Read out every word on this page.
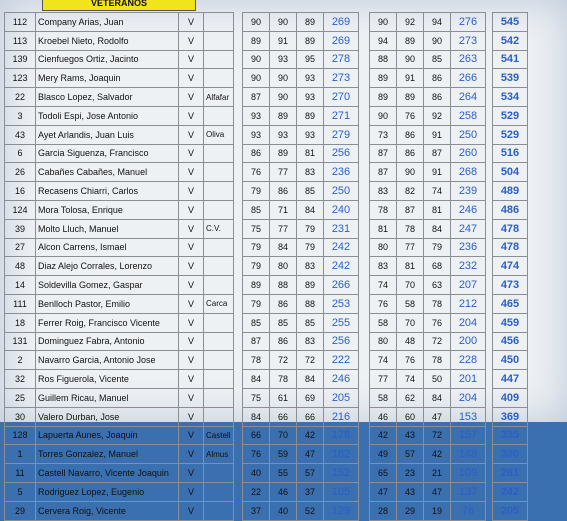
VETERANOS
112	Company Arias, Juan	V			90	90	89	269		90	92	94	276		545
113	Kroebel Nieto, Rodolfo	V			89	91	89	269		94	89	90	273		542
139	Cienfuegos Ortiz, Jacinto	V			90	93	95	278		88	90	85	263		541
123	Mery Rams, Joaquin	V			90	90	93	273		89	91	86	266		539
22	Blasco Lopez, Salvador	V	Alfafar		87	90	93	270		89	89	86	264		534
3	Todoli Espi, Jose Antonio	V			93	89	89	271		90	76	92	258		529
43	Ayet Arlandis, Juan Luis	V	Oliva		93	93	93	279		73	86	91	250		529
6	Garcia Siguenza, Francisco	V			86	89	81	256		87	86	87	260		516
26	Cabañes Cabañes, Manuel	V			76	77	83	236		87	90	91	268		504
16	Recasens Chiarri, Carlos	V			79	86	85	250		83	82	74	239		489
124	Mora Tolosa, Enrique	V			85	71	84	240		78	87	81	246		486
39	Molto Lluch, Manuel	V	C.V.		75	77	79	231		81	78	84	247		478
27	Alcon Carrens, Ismael	V			79	84	79	242		80	77	79	236		478
48	Diaz Alejo Corrales, Lorenzo	V			79	80	83	242		83	81	68	232		474
14	Soldevilla Gomez, Gaspar	V			89	88	89	266		74	70	63	207		473
111	Benlloch Pastor, Emilio	V	Carca		79	86	88	253		76	58	78	212		465
18	Ferrer Roig, Francisco Vicente	V			85	85	85	255		58	70	76	204		459
131	Dominguez Fabra, Antonio	V			87	86	83	256		80	48	72	200		456
2	Navarro Garcia, Antonio Jose	V			78	72	72	222		74	76	78	228		450
32	Ros Figuerola, Vicente	V			84	78	84	246		77	74	50	201		447
25	Guillem Ricau, Manuel	V			75	61	69	205		58	62	84	204		409
30	Valero Durban, Jose	V			84	66	66	216		46	60	47	153		369
128	Lapuerta Aunes, Joaquin	V	Castell		66	70	42	178		42	43	72	157		335
1	Torres Gonzalez, Manuel	V	Almus		76	59	47	182		49	57	42	148		330
11	Castell Navarro, Vicente Joaquin	V			40	55	57	152		65	23	21	109		261
5	Rodriguez Lopez, Eugenio	V			22	46	37	105		47	43	47	137		242
29	Cervera Roig, Vicente	V			37	40	52	129		28	29	19	76		205
